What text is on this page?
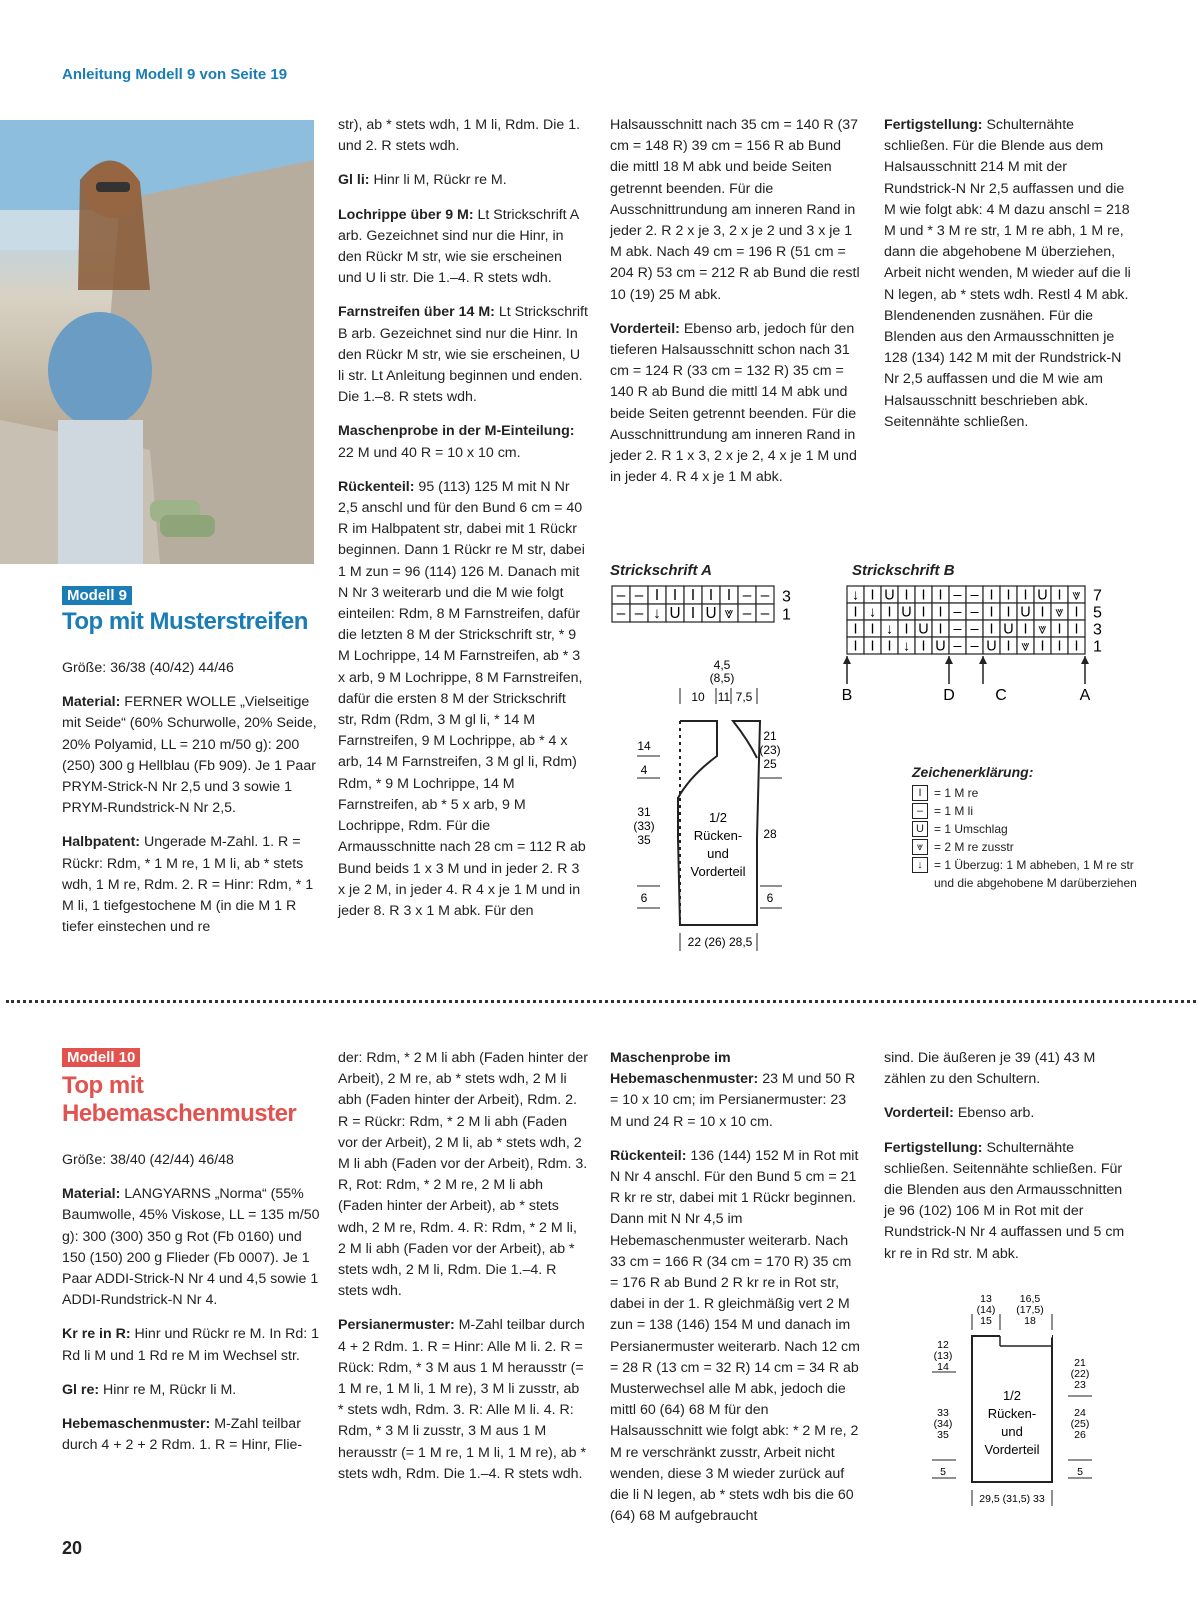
Anleitung Modell 9 von Seite 19
Modell 9
Top mit Musterstreifen

Größe: 36/38 (40/42) 44/46

Material: FERNER WOLLE „Vielseitige mit Seide“ (60% Schurwolle, 20% Seide, 20% Polyamid, LL = 210 m/50 g): 200 (250) 300 g Hellblau (Fb 909). Je 1 Paar PRYM-Strick-N Nr 2,5 und 3 sowie 1 PRYM-Rundstrick-N Nr 2,5.

Halbpatent: Ungerade M-Zahl. 1. R = Rückr: Rdm, * 1 M re, 1 M li, ab * stets wdh, 1 M re, Rdm. 2. R = Hinr: Rdm, * 1 M li, 1 tiefgestochene M (in die M 1 R tiefer einstechen und re

str), ab * stets wdh, 1 M li, Rdm. Die 1. und 2. R stets wdh.

Gl li: Hinr li M, Rückr re M.

Lochrippe über 9 M: Lt Strickschrift A arb. Gezeichnet sind nur die Hinr, in den Rückr M str, wie sie erscheinen und U li str. Die 1.–4. R stets wdh.

Farnstreifen über 14 M: Lt Strickschrift B arb. Gezeichnet sind nur die Hinr. In den Rückr M str, wie sie erscheinen, U li str. Lt Anleitung beginnen und enden. Die 1.–8. R stets wdh.

Maschenprobe in der M-Einteilung: 22 M und 40 R = 10 x 10 cm.

Rückenteil: 95 (113) 125 M mit N Nr 2,5 anschl und für den Bund 6 cm = 40 R im Halbpatent str, dabei mit 1 Rückr beginnen. Dann 1 Rückr re M str, dabei 1 M zun = 96 (114) 126 M. Danach mit N Nr 3 weiterarb und die M wie folgt einteilen: Rdm, 8 M Farnstreifen, dafür die letzten 8 M der Strickschrift str, * 9 M Lochrippe, 14 M Farnstreifen, ab * 3 x arb, 9 M Lochrippe, 8 M Farnstreifen, dafür die ersten 8 M der Strickschrift str, Rdm (Rdm, 3 M gl li, * 14 M Farnstreifen, 9 M Lochrippe, ab * 4 x arb, 14 M Farnstreifen, 3 M gl li, Rdm) Rdm, * 9 M Lochrippe, 14 M Farnstreifen, ab * 5 x arb, 9 M Lochrippe, Rdm. Für die Armausschnitte nach 28 cm = 112 R ab Bund beids 1 x 3 M und in jeder 2. R 3 x je 2 M, in jeder 4. R 4 x je 1 M und in jeder 8. R 3 x 1 M abk. Für den

Halsausschnitt nach 35 cm = 140 R (37 cm = 148 R) 39 cm = 156 R ab Bund die mittl 18 M abk und beide Seiten getrennt beenden. Für die Ausschnittrundung am inneren Rand in jeder 2. R 2 x je 3, 2 x je 2 und 3 x je 1 M abk. Nach 49 cm = 196 R (51 cm = 204 R) 53 cm = 212 R ab Bund die restl 10 (19) 25 M abk.

Vorderteil: Ebenso arb, jedoch für den tieferen Halsausschnitt schon nach 31 cm = 124 R (33 cm = 132 R) 35 cm = 140 R ab Bund die mittl 14 M abk und beide Seiten getrennt beenden. Für die Ausschnittrundung am inneren Rand in jeder 2. R 1 x 3, 2 x je 2, 4 x je 1 M und in jeder 4. R 4 x je 1 M abk.

Fertigstellung: Schulternähte schließen. Für die Blende aus dem Halsausschnitt 214 M mit der Rundstrick-N Nr 2,5 auffassen und die M wie folgt abk: 4 M dazu anschl = 218 M und * 3 M re str, 1 M re abh, 1 M re, dann die abgehobene M überziehen, Arbeit nicht wenden, M wieder auf die li N legen, ab * stets wdh. Restl 4 M abk. Blendenenden zusnähen. Für die Blenden aus den Armausschnitten je 128 (134) 142 M mit der Rundstrick-N Nr 2,5 auffassen und die M wie am Halsausschnitt beschrieben abk. Seitennähte schließen.

Strickschrift A
– – I I I I I – – 3
– – ↓ U I U ⩔ – – 1
Strickschrift B
↓ I U I I I – – I I I U I ⩔ 7
I ↓ I U I I – – I I U I ⩔ I 5
I I ↓ I U I – – I U I ⩔ I I 3
I I I ↓ I U – – U I ⩔ I I I 1
B	D	C	A
4,5
(8,5)
10 11 7,5
14
4
31
(33)
35
6
21
(23)
25
28
6
1/2
Rücken-
und
Vorderteil
22 (26) 28,5
Zeichenerklärung:
I	= 1 M re
– = 1 M li
U = 1 Umschlag
⩔ = 2 M re zusstr
↓ = 1 Überzug: 1 M abheben, 1 M re str und die abgehobene M darüberziehen
Modell 10
Top mit
Hebemaschenmuster

Größe: 38/40 (42/44) 46/48

Material: LANGYARNS „Norma“ (55% Baumwolle, 45% Viskose, LL = 135 m/50 g): 300 (300) 350 g Rot (Fb 0160) und 150 (150) 200 g Flieder (Fb 0007). Je 1 Paar ADDI-Strick-N Nr 4 und 4,5 sowie 1 ADDI-Rundstrick-N Nr 4.

Kr re in R: Hinr und Rückr re M. In Rd: 1 Rd li M und 1 Rd re M im Wechsel str.

Gl re: Hinr re M, Rückr li M.

Hebemaschenmuster: M-Zahl teilbar durch 4 + 2 + 2 Rdm. 1. R = Hinr, Flie-

der: Rdm, * 2 M li abh (Faden hinter der Arbeit), 2 M re, ab * stets wdh, 2 M li abh (Faden hinter der Arbeit), Rdm. 2. R = Rückr: Rdm, * 2 M li abh (Faden vor der Arbeit), 2 M li, ab * stets wdh, 2 M li abh (Faden vor der Arbeit), Rdm. 3. R, Rot: Rdm, * 2 M re, 2 M li abh (Faden hinter der Arbeit), ab * stets wdh, 2 M re, Rdm. 4. R: Rdm, * 2 M li, 2 M li abh (Faden vor der Arbeit), ab * stets wdh, 2 M li, Rdm. Die 1.–4. R stets wdh.

Persianermuster: M-Zahl teilbar durch 4 + 2 Rdm. 1. R = Hinr: Alle M li. 2. R = Rück: Rdm, * 3 M aus 1 M herausstr (= 1 M re, 1 M li, 1 M re), 3 M li zusstr, ab * stets wdh, Rdm. 3. R: Alle M li. 4. R: Rdm, * 3 M li zusstr, 3 M aus 1 M herausstr (= 1 M re, 1 M li, 1 M re), ab * stets wdh, Rdm. Die 1.–4. R stets wdh.

Maschenprobe im Hebemaschenmuster: 23 M und 50 R = 10 x 10 cm; im Persianermuster: 23 M und 24 R = 10 x 10 cm.

Rückenteil: 136 (144) 152 M in Rot mit N Nr 4 anschl. Für den Bund 5 cm = 21 R kr re str, dabei mit 1 Rückr beginnen. Dann mit N Nr 4,5 im Hebemaschenmuster weiterarb. Nach 33 cm = 166 R (34 cm = 170 R) 35 cm = 176 R ab Bund 2 R kr re in Rot str, dabei in der 1. R gleichmäßig vert 2 M zun = 138 (146) 154 M und danach im Persianermuster weiterarb. Nach 12 cm = 28 R (13 cm = 32 R) 14 cm = 34 R ab Musterwechsel alle M abk, jedoch die mittl 60 (64) 68 M für den Halsausschnitt wie folgt abk: * 2 M re, 2 M re verschränkt zusstr, Arbeit nicht wenden, diese 3 M wieder zurück auf die li N legen, ab * stets wdh bis die 60 (64) 68 M aufgebraucht

sind. Die äußeren je 39 (41) 43 M zählen zu den Schultern.

Vorderteil: Ebenso arb.

Fertigstellung: Schulternähte schließen. Seitennähte schließen. Für die Blenden aus den Armausschnitten je 96 (102) 106 M in Rot mit der Rundstrick-N Nr 4 auffassen und 5 cm kr re in Rd str. M abk.

13
(14)
15
16,5
(17,5)
18
12
(13)
14
33
(34)
35
5
21
(22)
23
24
(25)
26
5
1/2
Rücken-
und
Vorderteil
29,5 (31,5) 33
20
